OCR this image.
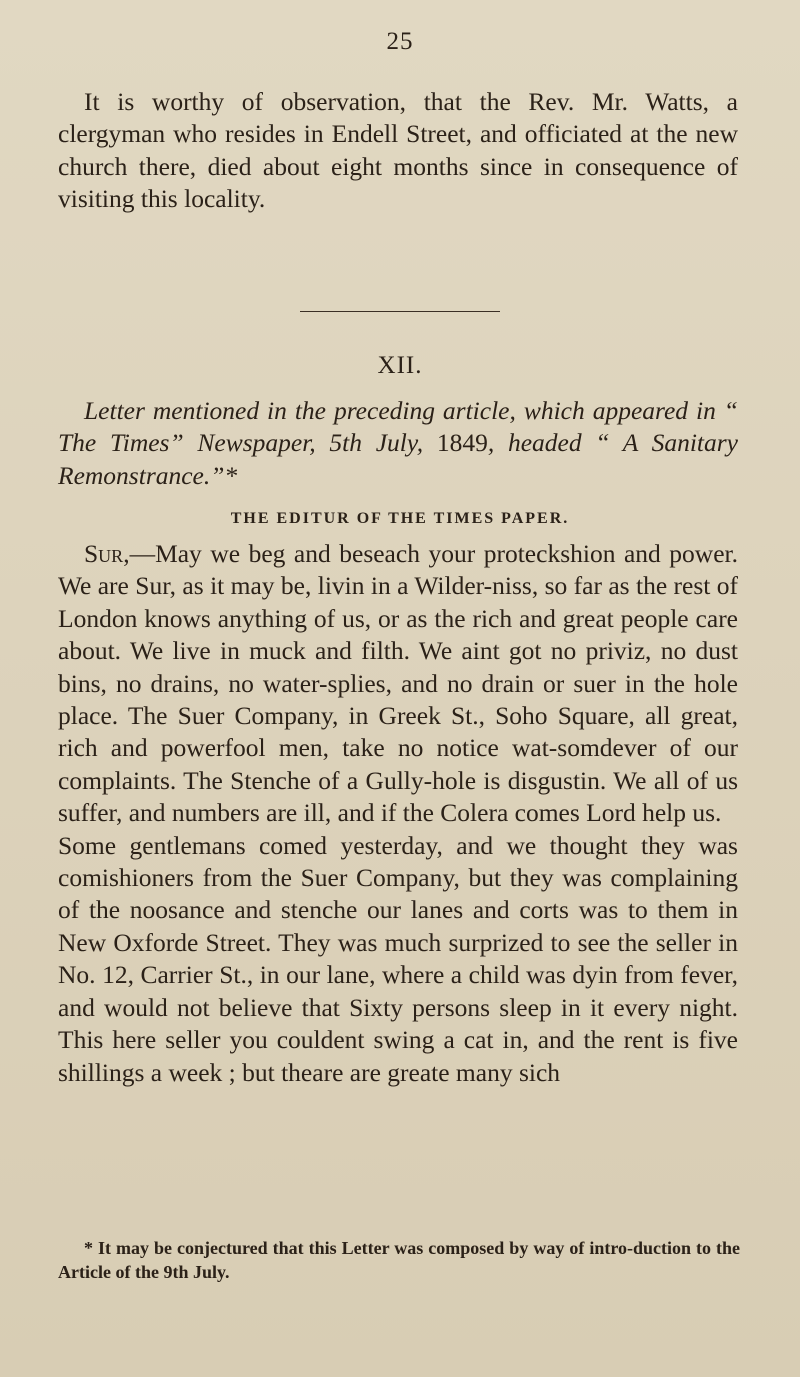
25

It is worthy of observation, that the Rev. Mr. Watts, a clergyman who resides in Endell Street, and officiated at the new church there, died about eight months since in consequence of visiting this locality.

XII.
Letter mentioned in the preceding article, which appeared in “ The Times” Newspaper, 5th July, 1849, headed “ A Sanitary Remonstrance.”*
THE EDITUR OF THE TIMES PAPER.

Sur,—May we beg and beseach your proteckshion and power. We are Sur, as it may be, livin in a Wilder-niss, so far as the rest of London knows anything of us, or as the rich and great people care about. We live in muck and filth. We aint got no priviz, no dust bins, no drains, no water-splies, and no drain or suer in the hole place. The Suer Company, in Greek St., Soho Square, all great, rich and powerfool men, take no notice wat-somdever of our complaints. The Stenche of a Gully-hole is disgustin. We all of us suffer, and numbers are ill, and if the Colera comes Lord help us.

Some gentlemans comed yesterday, and we thought they was comishioners from the Suer Company, but they was complaining of the noosance and stenche our lanes and corts was to them in New Oxforde Street. They was much surprized to see the seller in No. 12, Carrier St., in our lane, where a child was dyin from fever, and would not believe that Sixty persons sleep in it every night. This here seller you couldent swing a cat in, and the rent is five shillings a week ; but theare are greate many sich

* It may be conjectured that this Letter was composed by way of intro-duction to the Article of the 9th July.
